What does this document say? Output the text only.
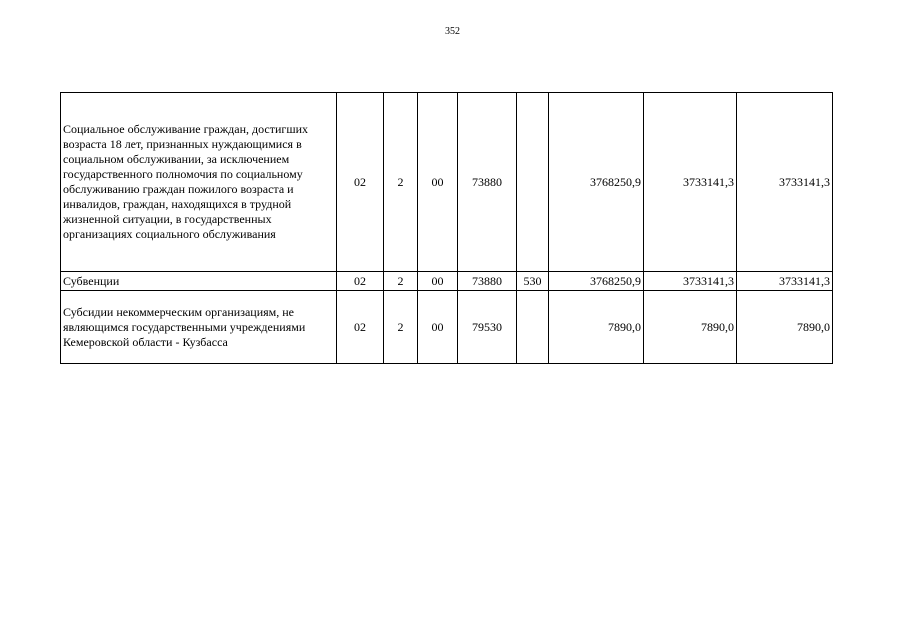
352
Социальное обслуживание граждан, достигших возраста 18 лет, признанных нуждающимися в социальном обслуживании, за исключением государственного полномочия по социальному обслуживанию граждан пожилого возраста и инвалидов, граждан, находящихся в трудной жизненной ситуации, в государственных организациях социального обслуживания	02	2	00	73880		3768250,9	3733141,3	3733141,3
Субвенции	02	2	00	73880	530	3768250,9	3733141,3	3733141,3
Субсидии некоммерческим организациям, не являющимся государственными учреждениями Кемеровской области - Кузбасса	02	2	00	79530		7890,0	7890,0	7890,0
